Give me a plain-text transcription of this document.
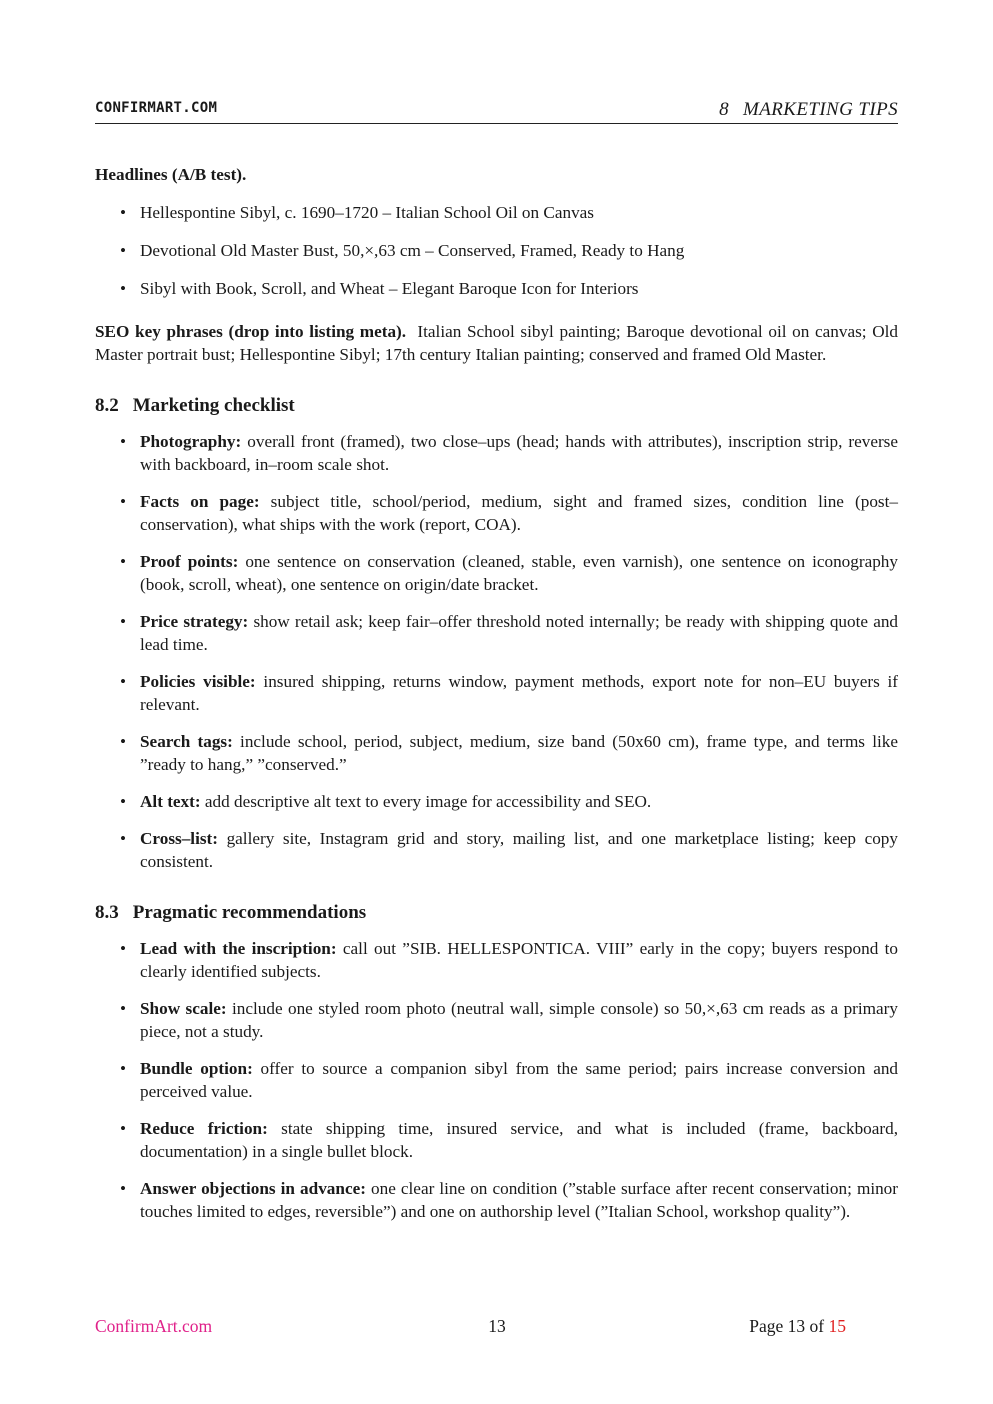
CONFIRMART.COM	8 MARKETING TIPS

Headlines (A/B test).

• Hellespontine Sibyl, c. 1690–1720 – Italian School Oil on Canvas
• Devotional Old Master Bust, 50,×,63 cm – Conserved, Framed, Ready to Hang
• Sibyl with Book, Scroll, and Wheat – Elegant Baroque Icon for Interiors

SEO key phrases (drop into listing meta). Italian School sibyl painting; Baroque devotional oil on canvas; Old Master portrait bust; Hellespontine Sibyl; 17th century Italian painting; conserved and framed Old Master.

8.2 Marketing checklist
• Photography: overall front (framed), two close–ups (head; hands with attributes), inscription strip, reverse with backboard, in–room scale shot.
• Facts on page: subject title, school/period, medium, sight and framed sizes, condition line (post–conservation), what ships with the work (report, COA).
• Proof points: one sentence on conservation (cleaned, stable, even varnish), one sentence on iconography (book, scroll, wheat), one sentence on origin/date bracket.
• Price strategy: show retail ask; keep fair–offer threshold noted internally; be ready with shipping quote and lead time.
• Policies visible: insured shipping, returns window, payment methods, export note for non–EU buyers if relevant.
• Search tags: include school, period, subject, medium, size band (50x60 cm), frame type, and terms like ”ready to hang,” ”conserved.”
• Alt text: add descriptive alt text to every image for accessibility and SEO.
• Cross–list: gallery site, Instagram grid and story, mailing list, and one marketplace listing; keep copy consistent.
8.3 Pragmatic recommendations
• Lead with the inscription: call out ”SIB. HELLESPONTICA. VIII” early in the copy; buyers respond to clearly identified subjects.
• Show scale: include one styled room photo (neutral wall, simple console) so 50,×,63 cm reads as a primary piece, not a study.
• Bundle option: offer to source a companion sibyl from the same period; pairs increase conversion and perceived value.
• Reduce friction: state shipping time, insured service, and what is included (frame, backboard, documentation) in a single bullet block.
• Answer objections in advance: one clear line on condition (”stable surface after recent conservation; minor touches limited to edges, reversible”) and one on authorship level (”Italian School, workshop quality”).
ConfirmArt.com	13	Page 13 of 15
